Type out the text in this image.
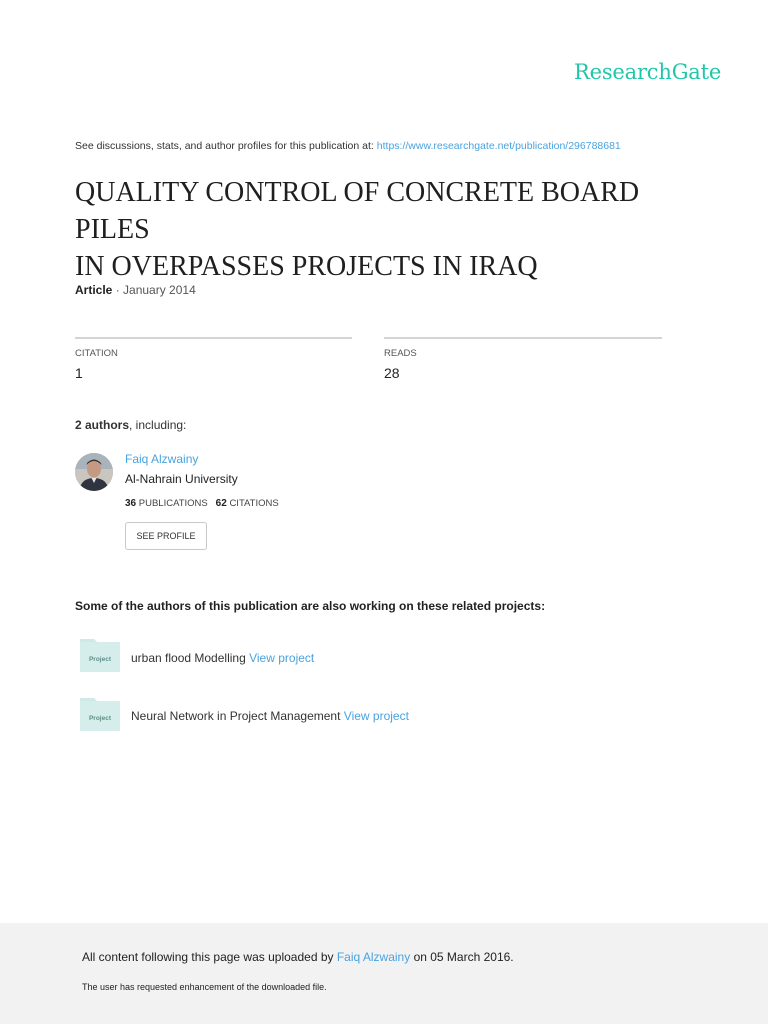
ResearchGate
See discussions, stats, and author profiles for this publication at: https://www.researchgate.net/publication/296788681
QUALITY CONTROL OF CONCRETE BOARD PILES
IN OVERPASSES PROJECTS IN IRAQ
Article · January 2014
CITATION
1
READS
28
2 authors, including:
Faiq Alzwainy
Al-Nahrain University
36 PUBLICATIONS 62 CITATIONS
SEE PROFILE
Some of the authors of this publication are also working on these related projects:
Project urban flood Modelling View project
Project Neural Network in Project Management View project
All content following this page was uploaded by Faiq Alzwainy on 05 March 2016.
The user has requested enhancement of the downloaded file.
